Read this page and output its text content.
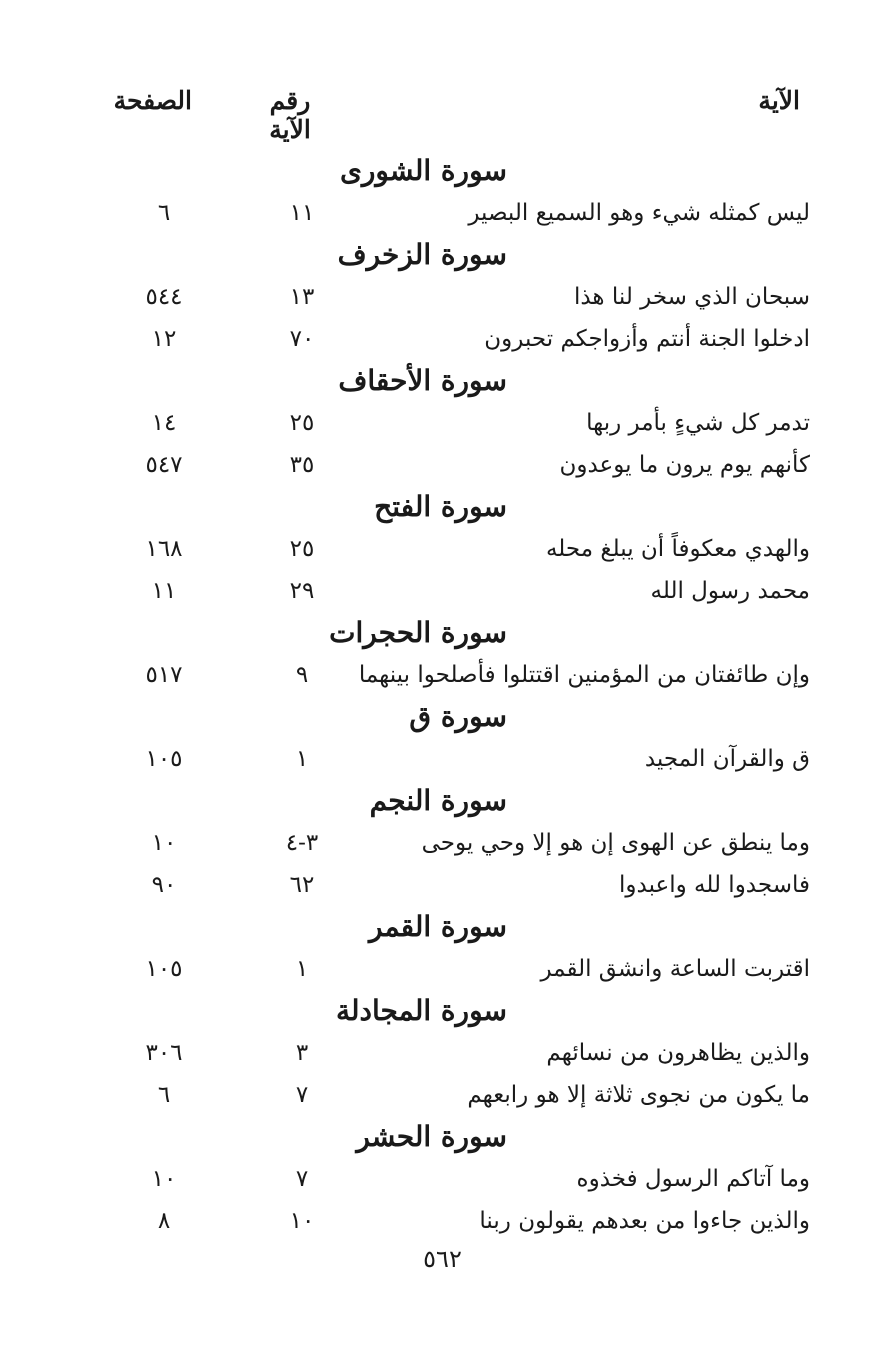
الآية
رقم الآية
الصفحة
سورة الشورى
ليس كمثله شيء وهو السميع البصير
١١
٦
سورة الزخرف
سبحان الذي سخر لنا هذا
١٣
٥٤٤
ادخلوا الجنة أنتم وأزواجكم تحبرون
٧٠
١٢
سورة الأحقاف
تدمر كل شيءٍ بأمر ربها
٢٥
١٤
كأنهم يوم يرون ما يوعدون
٣٥
٥٤٧
سورة الفتح
والهدي معكوفاً أن يبلغ محله
٢٥
١٦٨
محمد رسول الله
٢٩
١١
سورة الحجرات
وإن طائفتان من المؤمنين اقتتلوا فأصلحوا بينهما
٩
٥١٧
سورة ق
ق والقرآن المجيد
١
١٠٥
سورة النجم
وما ينطق عن الهوى إن هو إلا وحي يوحى
٣-٤
١٠
فاسجدوا لله واعبدوا
٦٢
٩٠
سورة القمر
اقتربت الساعة وانشق القمر
١
١٠٥
سورة المجادلة
والذين يظاهرون من نسائهم
٣
٣٠٦
ما يكون من نجوى ثلاثة إلا هو رابعهم
٧
٦
سورة الحشر
وما آتاكم الرسول فخذوه
٧
١٠
والذين جاءوا من بعدهم يقولون ربنا
١٠
٨
٥٦٢
